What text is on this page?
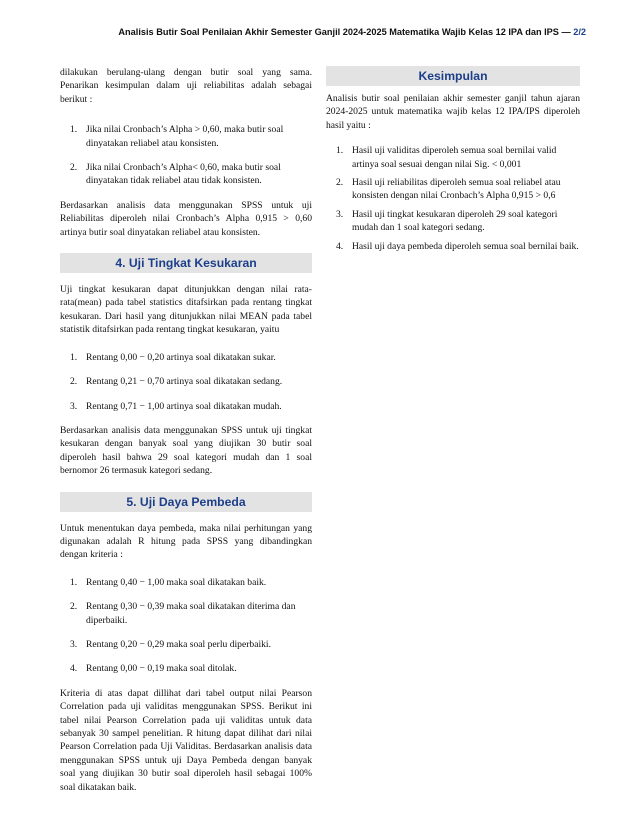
Analisis Butir Soal Penilaian Akhir Semester Ganjil 2024-2025 Matematika Wajib Kelas 12 IPA dan IPS — 2/2

dilakukan berulang-ulang dengan butir soal yang sama. Penarikan kesimpulan dalam uji reliabilitas adalah sebagai berikut :

1. Jika nilai Cronbach’s Alpha > 0,60, maka butir soal dinyatakan reliabel atau konsisten.
2. Jika nilai Cronbach’s Alpha< 0,60, maka butir soal dinyatakan tidak reliabel atau tidak konsisten.

Berdasarkan analisis data menggunakan SPSS untuk uji Reliabilitas diperoleh nilai Cronbach’s Alpha 0,915 > 0,60 artinya butir soal dinyatakan reliabel atau konsisten.

4. Uji Tingkat Kesukaran

Uji tingkat kesukaran dapat ditunjukkan dengan nilai rata-rata(mean) pada tabel statistics ditafsirkan pada rentang tingkat kesukaran. Dari hasil yang ditunjukkan nilai MEAN pada tabel statistik ditafsirkan pada rentang tingkat kesukaran, yaitu

1. Rentang 0,00 − 0,20 artinya soal dikatakan sukar.
2. Rentang 0,21 − 0,70 artinya soal dikatakan sedang.
3. Rentang 0,71 − 1,00 artinya soal dikatakan mudah.

Berdasarkan analisis data menggunakan SPSS untuk uji tingkat kesukaran dengan banyak soal yang diujikan 30 butir soal diperoleh hasil bahwa 29 soal kategori mudah dan 1 soal bernomor 26 termasuk kategori sedang.

5. Uji Daya Pembeda

Untuk menentukan daya pembeda, maka nilai perhitungan yang digunakan adalah R hitung pada SPSS yang dibandingkan dengan kriteria :

1. Rentang 0,40 − 1,00 maka soal dikatakan baik.
2. Rentang 0,30 − 0,39 maka soal dikatakan diterima dan diperbaiki.
3. Rentang 0,20 − 0,29 maka soal perlu diperbaiki.
4. Rentang 0,00 − 0,19 maka soal ditolak.

Kriteria di atas dapat dillihat dari tabel output nilai Pearson Correlation pada uji validitas menggunakan SPSS. Berikut ini tabel nilai Pearson Correlation pada uji validitas untuk data sebanyak 30 sampel penelitian. R hitung dapat dilihat dari nilai Pearson Correlation pada Uji Validitas. Berdasarkan analisis data menggunakan SPSS untuk uji Daya Pembeda dengan banyak soal yang diujikan 30 butir soal diperoleh hasil sebagai 100% soal dikatakan baik.

Kesimpulan

Analisis butir soal penilaian akhir semester ganjil tahun ajaran 2024-2025 untuk matematika wajib kelas 12 IPA/IPS diperoleh hasil yaitu :

1. Hasil uji validitas diperoleh semua soal bernilai valid artinya soal sesuai dengan nilai Sig. < 0,001
2. Hasil uji reliabilitas diperoleh semua soal reliabel atau konsisten dengan nilai Cronbach’s Alpha 0,915 > 0,6
3. Hasil uji tingkat kesukaran diperoleh 29 soal kategori mudah dan 1 soal kategori sedang.
4. Hasil uji daya pembeda diperoleh semua soal bernilai baik.
